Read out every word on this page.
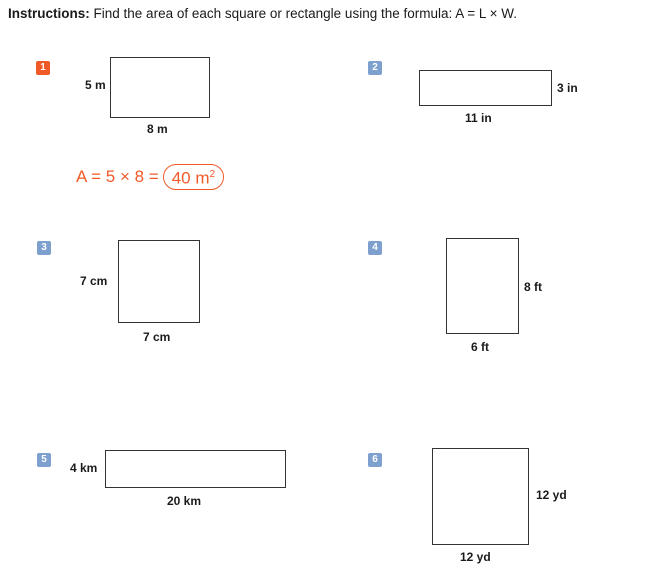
Instructions: Find the area of each square or rectangle using the formula: A = L × W.
1
5 m
8 m
A = 5 × 8 = 40 $m^2$
2
3 in
11 in
3
7 cm
7 cm
4
8 ft
6 ft
5
4 km
20 km
6
12 yd
12 yd
